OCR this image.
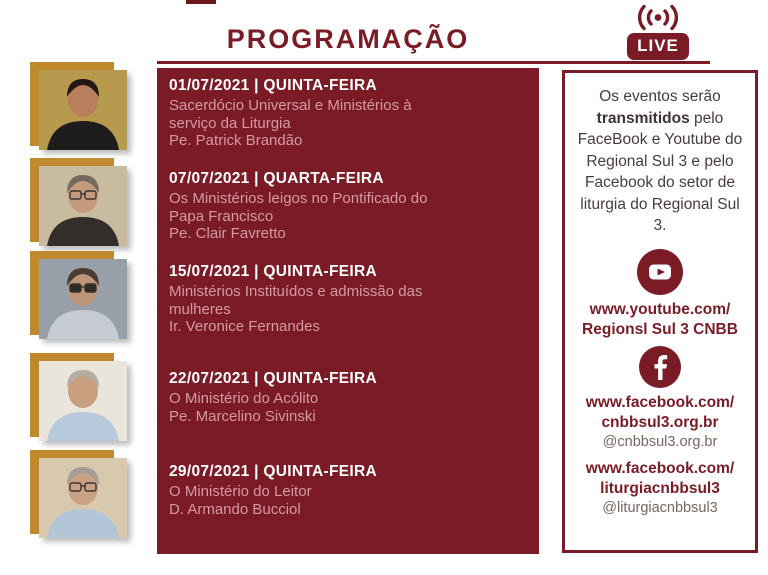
PROGRAMAÇÃO	LIVE
01/07/2021 | QUINTA-FEIRA
Sacerdócio Universal e Ministérios à serviço da Liturgia
Pe. Patrick Brandão
07/07/2021 | QUARTA-FEIRA
Os Ministérios leigos no Pontificado do Papa Francisco
Pe. Clair Favretto
15/07/2021 | QUINTA-FEIRA
Ministérios Instituídos e admissão das mulheres
Ir. Veronice Fernandes
22/07/2021 | QUINTA-FEIRA
O Ministério do Acólito
Pe. Marcelino Sivinski
29/07/2021 | QUINTA-FEIRA
O Ministério do Leitor
D. Armando Bucciol

Os eventos serão transmitidos pelo FaceBook e Youtube do Regional Sul 3 e pelo Facebook do setor de liturgia do Regional Sul 3.

www.youtube.com/
Regionsl Sul 3 CNBB
www.facebook.com/
cnbbsul3.org.br
@cnbbsul3.org.br
www.facebook.com/
liturgiacnbbsul3
@liturgiacnbbsul3
